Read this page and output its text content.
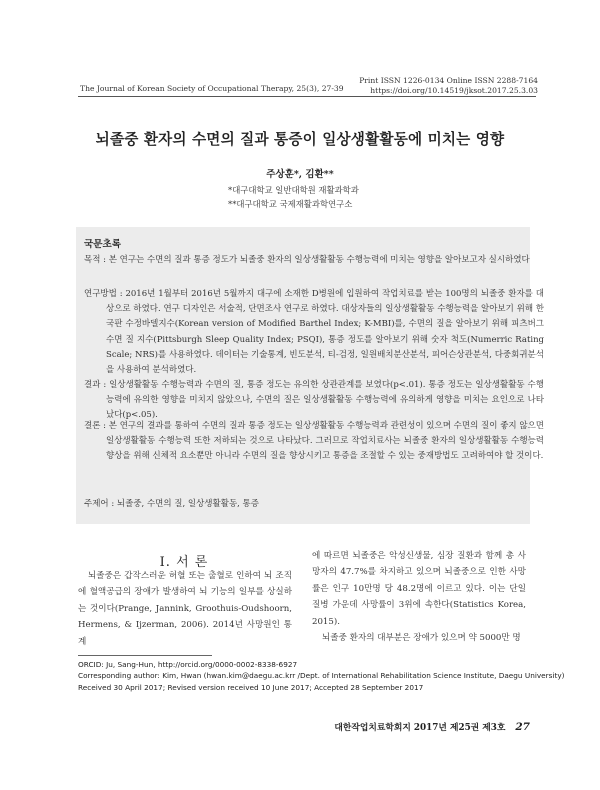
The Journal of Korean Society of Occupational Therapy, 25(3), 27-39
Print ISSN 1226-0134 Online ISSN 2288-7164
https://doi.org/10.14519/jksot.2017.25.3.03
뇌졸중 환자의 수면의 질과 통증이 일상생활활동에 미치는 영향
주상훈*, 김환**
*대구대학교 일반대학원 재활과학과
**대구대학교 국제재활과학연구소
국문초록
목적 : 본 연구는 수면의 질과 통증 정도가 뇌졸중 환자의 일상생활활동 수행능력에 미치는 영향을 알아보고자 실시하였다
연구방법 : 2016년 1월부터 2016년 5월까지 대구에 소재한 D병원에 입원하여 작업치료를 받는 100명의 뇌졸중 환자를 대상으로 하였다. 연구 디자인은 서술적, 단면조사 연구로 하였다. 대상자들의 일상생활활동 수행능력을 알아보기 위해 한국판 수정바델지수(Korean version of Modified Barthel Index; K-MBI)를, 수면의 질을 알아보기 위해 피츠버그 수면 질 지수(Pittsburgh Sleep Quality Index; PSQI), 통증 정도를 알아보기 위해 숫자 척도(Numerric Rating Scale; NRS)를 사용하였다. 데이터는 기술통계, 빈도분석, 티-검정, 일원배치분산분석, 피어슨상관분석, 다중회귀분석을 사용하여 분석하였다.
결과 : 일상생활활동 수행능력과 수면의 질, 통증 정도는 유의한 상관관계를 보였다(p<.01). 통증 정도는 일상생활활동 수행능력에 유의한 영향을 미치지 않았으나, 수면의 질은 일상생활활동 수행능력에 유의하게 영향을 미치는 요인으로 나타났다(p<.05).
결론 : 본 연구의 결과를 통하여 수면의 질과 통증 정도는 일상생활활동 수행능력과 관련성이 있으며 수면의 질이 좋지 않으면 일상생활활동 수행능력 또한 저하되는 것으로 나타났다. 그러므로 작업치료사는 뇌졸중 환자의 일상생활활동 수행능력 향상을 위해 신체적 요소뿐만 아니라 수면의 질을 향상시키고 통증을 조절할 수 있는 중재방법도 고려하여야 할 것이다.
주제어 : 뇌졸중, 수면의 질, 일상생활활동, 통증
Ⅰ. 서 론
뇌졸중은 갑작스러운 허혈 또는 출혈로 인하여 뇌 조직에 혈액공급의 장애가 발생하여 뇌 기능의 일부를 상실하는 것이다(Prange, Jannink, Groothuis-Oudshoorn, Hermens, & Ijzerman, 2006). 2014년 사망원인 통계
에 따르면 뇌졸중은 악성신생물, 심장 질환과 함께 총 사망자의 47.7%를 차지하고 있으며 뇌졸중으로 인한 사망률은 인구 10만명 당 48.2명에 이르고 있다. 이는 단일 질병 가운데 사망률이 3위에 속한다(Statistics Korea, 2015).
뇌졸중 환자의 대부분은 장애가 있으며 약 5000만 명
ORCID: Ju, Sang-Hun, http://orcid.org/0000-0002-8338-6927
Corresponding author: Kim, Hwan (hwan.kim@daegu.ac.krr /Dept. of International Rehabilitation Science Institute, Daegu University)
Received 30 April 2017; Revised version received 10 June 2017; Accepted 28 September 2017
대한작업치료학회지 2017년 제25권 제3호 27
